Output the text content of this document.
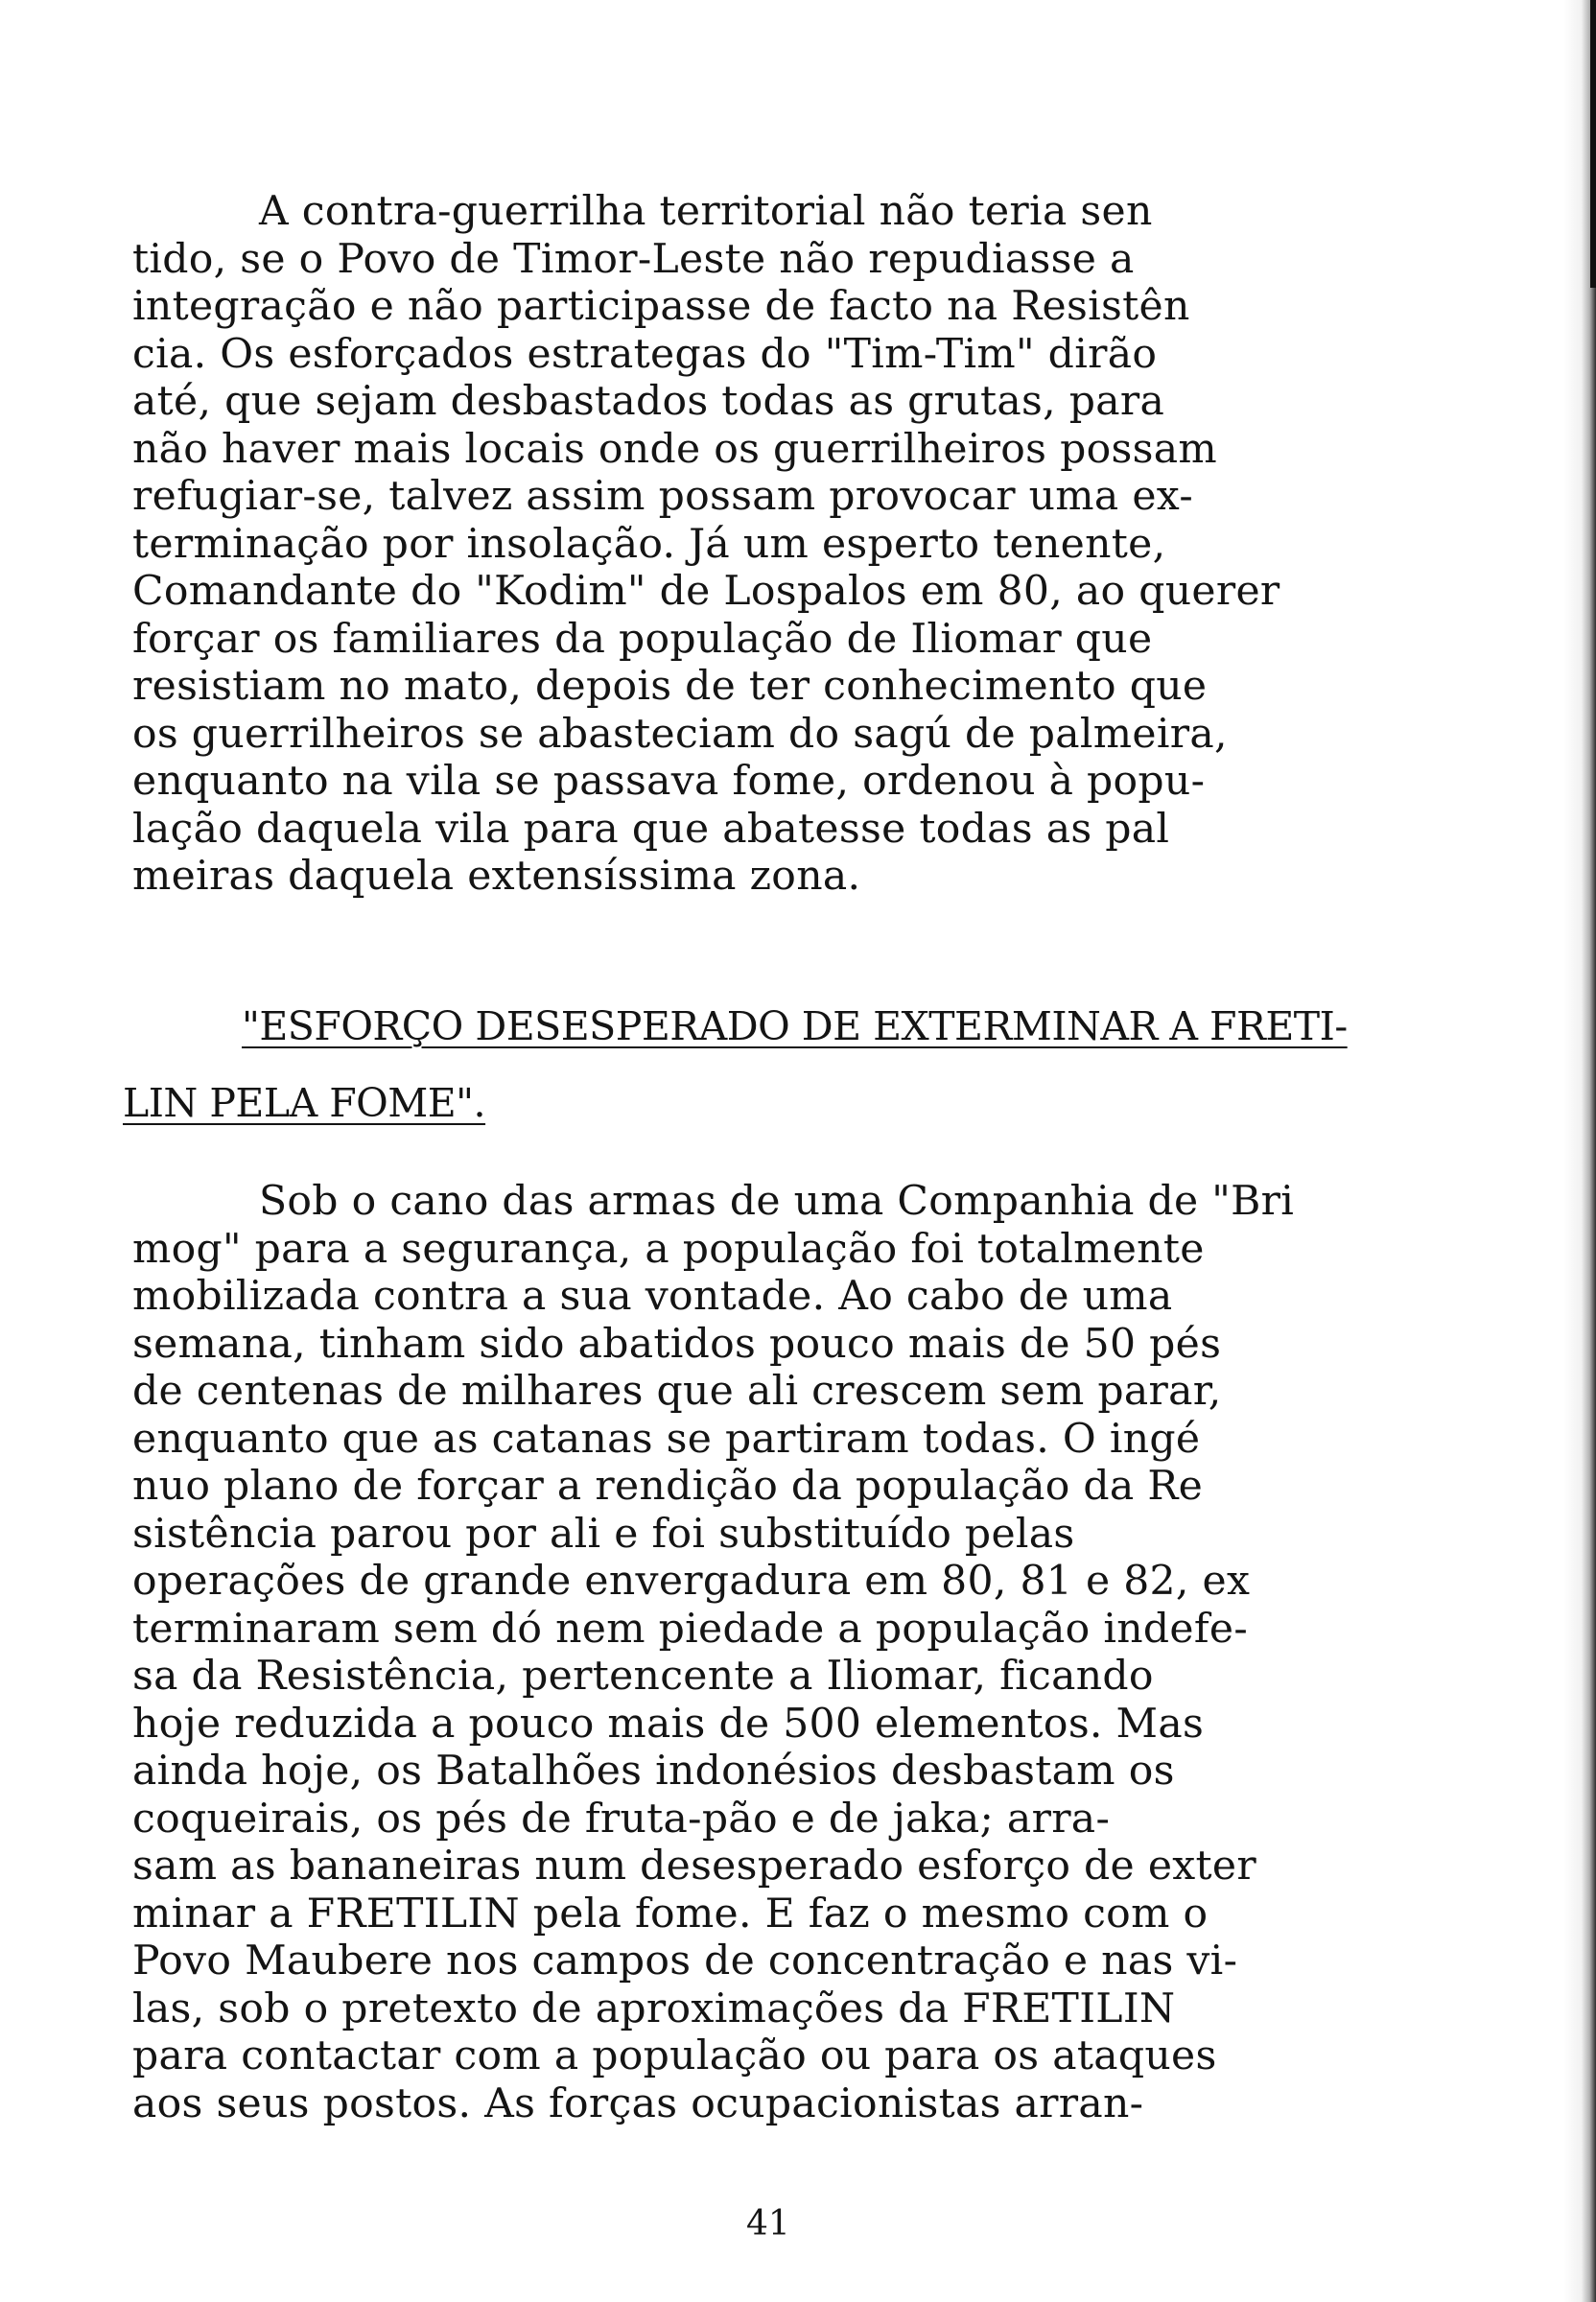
A contra-guerrilha territorial não teria sen
tido, se o Povo de Timor-Leste não repudiasse a
integração e não participasse de facto na Resistên
cia. Os esforçados estrategas do "Tim-Tim" dirão
até, que sejam desbastados todas as grutas, para
não haver mais locais onde os guerrilheiros possam
refugiar-se, talvez assim possam provocar uma ex-
terminação por insolação. Já um esperto tenente,
Comandante do "Kodim" de Lospalos em 80, ao querer
forçar os familiares da população de Iliomar que
resistiam no mato, depois de ter conhecimento que
os guerrilheiros se abasteciam do sagú de palmeira,
enquanto na vila se passava fome, ordenou à popu-
lação daquela vila para que abatesse todas as pal
meiras daquela extensíssima zona.
"ESFORÇO DESESPERADO DE EXTERMINAR A FRETI-
LIN PELA FOME".
Sob o cano das armas de uma Companhia de "Bri
mog" para a segurança, a população foi totalmente
mobilizada contra a sua vontade. Ao cabo de uma
semana, tinham sido abatidos pouco mais de 50 pés
de centenas de milhares que ali crescem sem parar,
enquanto que as catanas se partiram todas. O ingé
nuo plano de forçar a rendição da população da Re
sistência parou por ali e foi substituído pelas
operações de grande envergadura em 80, 81 e 82, ex
terminaram sem dó nem piedade a população indefe-
sa da Resistência, pertencente a Iliomar, ficando
hoje reduzida a pouco mais de 500 elementos. Mas
ainda hoje, os Batalhões indonésios desbastam os
coqueirais, os pés de fruta-pão e de jaka; arra-
sam as bananeiras num desesperado esforço de exter
minar a FRETILIN pela fome. E faz o mesmo com o
Povo Maubere nos campos de concentração e nas vi-
las, sob o pretexto de aproximações da FRETILIN
para contactar com a população ou para os ataques
aos seus postos. As forças ocupacionistas arran-
41
